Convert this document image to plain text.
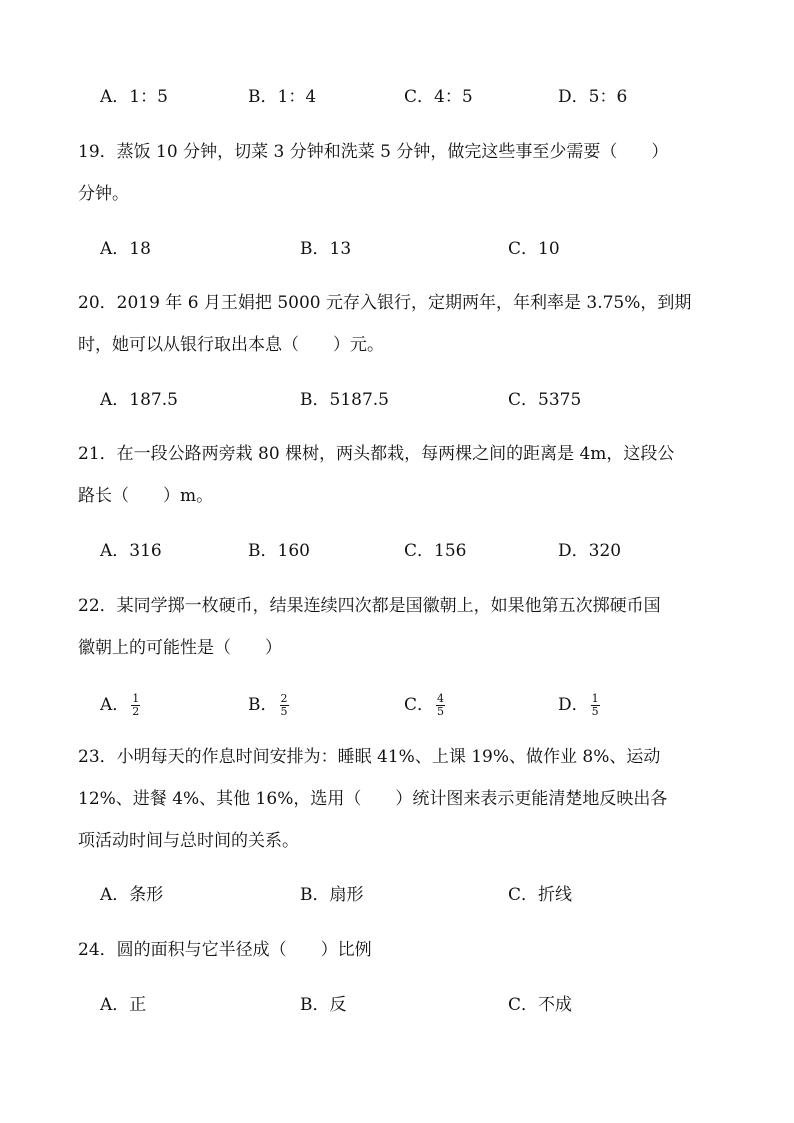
A．1：5	B．1：4	C．4：5	D．5：6
19．蒸饭 10 分钟，切菜 3 分钟和洗菜 5 分钟，做完这些事至少需要（　　）
分钟。
A．18	B．13	C．10
20．2019 年 6 月王娟把 5000 元存入银行，定期两年，年利率是 3.75%，到期
时，她可以从银行取出本息（　　）元。
A．187.5	B．5187.5	C．5375
21．在一段公路两旁栽 80 棵树，两头都栽，每两棵之间的距离是 4m，这段公
路长（　　）m。
A．316	B．160	C．156	D．320
22．某同学掷一枚硬币，结果连续四次都是国徽朝上，如果他第五次掷硬币国
徽朝上的可能性是（　　）
A． $\frac{1}{2}$	B． $\frac{2}{5}$	C． $\frac{4}{5}$	D． $\frac{1}{5}$
23．小明每天的作息时间安排为：睡眠 41%、上课 19%、做作业 8%、运动
12%、进餐 4%、其他 16%，选用（　　）统计图来表示更能清楚地反映出各
项活动时间与总时间的关系。
A．条形	B．扇形	C．折线
24．圆的面积与它半径成（　　）比例
A．正	B．反	C．不成
